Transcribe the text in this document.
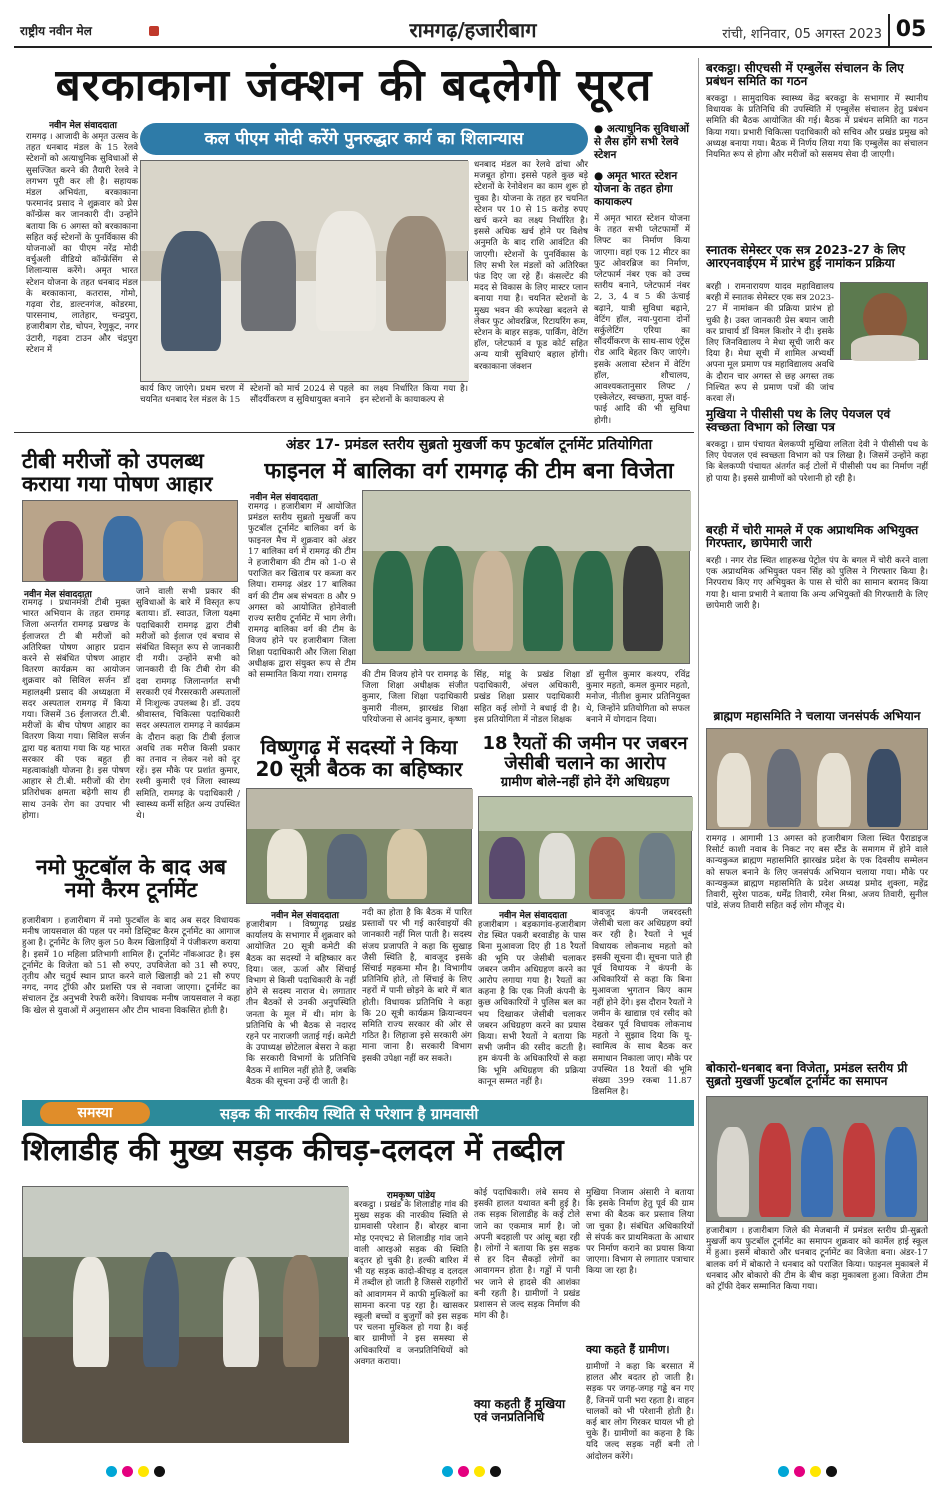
राष्ट्रीय नवीन मेल	रामगढ़/हजारीबाग	रांची, शनिवार, 05 अगस्त 2023 05
बरकाकाना जंक्शन की बदलेगी सूरत
नवीन मेल संवाददाता
रामगढ़ । आजादी के अमृत उत्सव के तहत धनबाद मंडल के 15 रेलवे स्टेशनों को अत्याधुनिक सुविधाओं से सुसज्जित करने की तैयारी रेलवे ने लगभग पूरी कर ली है। सहायक मंडल अभियंता, बरकाकाना फरमानंद प्रसाद ने शुक्रवार को प्रेस कॉन्फ्रेंस कर जानकारी दी। उन्होंने बताया कि 6 अगस्त को बरकाकाना सहित कई स्टेशनों के पुनर्विकास की योजनाओं का पीएम नरेंद्र मोदी वर्चुअली वीडियो कॉन्फ्रेंसिंग से शिलान्यास करेंगे। अमृत भारत स्टेशन योजना के तहत धनबाद मंडल के बरकाकाना, कतरास, गोमो, गढ़वा रोड, डाल्टनगंज, कोडरमा, पारसनाथ, लातेहार, चन्द्रपुरा, हजारीबाग रोड, चोपन, रेणुकूट, नगर उंटारी, गढ़वा टाउन और चंद्रपुरा स्टेशन में
कल पीएम मोदी करेंगे पुनरुद्धार कार्य का शिलान्यास
धनबाद मंडल का रेलवे ढांचा और मजबूत होगा। इससे पहले कुछ बड़े स्टेशनों के रेनोवेशन का काम शुरू हो चुका है। योजना के तहत हर चयनित स्टेशन पर 10 से 15 करोड़ रुपए खर्च करने का लक्ष्य निर्धारित है। इससे अधिक खर्च होने पर विशेष अनुमति के बाद राशि आवंटित की जाएगी। स्टेशनों के पुनर्विकास के लिए सभी रेल मंडलों को अतिरिक्त फंड दिए जा रहे हैं। कंसल्टेंट की मदद से विकास के लिए मास्टर प्लान बनाया गया है। चयनित स्टेशनों के मुख्य भवन की रूपरेखा बदलने से लेकर फुट ओवरब्रिज, रिटायरिंग रूम, स्टेशन के बाहर सड़क, पार्किंग, वेटिंग हॉल, प्लेटफार्म व फूड कोर्ट सहित अन्य यात्री सुविधाएं बहाल होंगी। बरकाकाना जंक्शन
● अत्याधुनिक सुविधाओं से लैस होंगे सभी रेलवे स्टेशन
● अमृत भारत स्टेशन योजना के तहत होगा कायाकल्प
में अमृत भारत स्टेशन योजना के तहत सभी प्लेटफार्मों में लिफ्ट का निर्माण किया जाएगा। वहां एक 12 मीटर का फुट ओवरब्रिज का निर्माण, प्लेटफार्म नंबर एक को उच्च स्तरीय बनाने, प्लेटफार्म नंबर 2, 3, 4 व 5 की ऊंचाई बढ़ाने, यात्री सुविधा बढ़ाने, वेटिंग हॉल, नया-पुराना दोनों सर्कुलेटिंग एरिया का सौंदर्यीकरण के साथ-साथ एंट्रेंस रोड आदि बेहतर किए जाएंगे। इसके अलावा स्टेशन में वेटिंग हॉल, शौचालय, आवश्यकतानुसार लिफ्ट / एस्केलेटर, स्वच्छता, मुफ्त वाई-फाई आदि की भी सुविधा होगी।
कार्य किए जाएंगे। प्रथम चरण में चयनित धनबाद रेल मंडल के 15
स्टेशनों को मार्च 2024 से पहले सौंदर्यीकरण व सुविधायुक्त बनाने
का लक्ष्य निर्धारित किया गया है। इन स्टेशनों के कायाकल्प से
टीबी मरीजों को उपलब्ध कराया गया पोषण आहार
नवीन मेल संवाददाता
रामगढ़ । प्रधानमंत्री टीबी मुक्त भारत अभियान के तहत रामगढ़ जिला अन्तर्गत रामगढ़ प्रखण्ड के ईलाजरत टी बी मरीजों को अतिरिक्त पोषण आहार प्रदान करने से संबंधित पोषण आहार वितरण कार्यक्रम का आयोजन शुक्रवार को सिविल सर्जन डॉ महालक्ष्मी प्रसाद की अध्यक्षता में सदर अस्पताल रामगढ़ में किया गया। जिसमें 36 ईलाजरत टी.बी. मरीजों के बीच पोषण आहार का वितरण किया गया। सिविल सर्जन द्वारा यह बताया गया कि यह भारत सरकार की एक बहुत ही महत्वाकांक्षी योजना है। इस पोषण आहार से टी.बी. मरीजों की रोग प्रतिरोधक क्षमता बढ़ेगी साथ ही साथ उनके रोग का उपचार भी होगा।
जाने वाली सभी प्रकार की सुविधाओं के बारे में विस्तृत रूप बताया। डॉ. स्वाउत, जिला यक्ष्मा पदाधिकारी रामगढ़ द्वारा टीबी मरीजों को ईलाज एवं बचाव से संबंधित विस्तृत रूप से जानकारी दी गयी। उन्होंने सभी को जानकारी दी कि टीबी रोग की दवा रामगढ़ जिलान्तर्गत सभी सरकारी एवं गैरसरकारी अस्पतालों में निःशुल्क उपलब्ध है। डॉ. उदय श्रीवास्तव, चिकित्सा पदाधिकारी सदर अस्पताल रामगढ़ ने कार्यक्रम के दौरान कहा कि टीबी ईलाज अवधि तक मरीज किसी प्रकार का तनाव न लेकर नशे को दूर रहें। इस मौके पर प्रशांत कुमार, रश्मी कुमारी एवं जिला स्वास्थ्य समिति, रामगढ़ के पदाधिकारी / स्वास्थ्य कर्मी सहित अन्य उपस्थित थे।
अंडर 17- प्रमंडल स्तरीय सुब्रतो मुखर्जी कप फुटबॉल टूर्नामेंट प्रतियोगिता
फाइनल में बालिका वर्ग रामगढ़ की टीम बना विजेता
नवीन मेल संवाददाता
रामगढ़ । हजारीबाग में आयोजित प्रमंडल स्तरीय सुब्रतो मुखर्जी कप फुटबॉल टूर्नामेंट बालिका वर्ग के फाइनल मैच में शुक्रवार को अंडर 17 बालिका वर्ग में रामगढ़ की टीम ने हजारीबाग की टीम को 1-0 से पराजित कर खिताब पर कब्जा कर लिया। रामगढ़ अंडर 17 बालिका वर्ग की टीम अब संभवतः 8 और 9 अगस्त को आयोजित होनेवाली राज्य स्तरीय टूर्नामेंट में भाग लेगी। रामगढ़ बालिका वर्ग की टीम के विजय होने पर हजारीबाग जिला शिक्षा पदाधिकारी और जिला शिक्षा अधीक्षक द्वारा संयुक्त रूप से टीम को सम्मानित किया गया। रामगढ़	की टीम विजय होने पर रामगढ़ के जिला शिक्षा अधीक्षक संजीत कुमार, जिला शिक्षा पदाधिकारी कुमारी नीलम, झारखंड शिक्षा परियोजना से आनंद कुमार, कृष्णा
सिंह, मांडू के प्रखंड शिक्षा पदाधिकारी, अंचल अधिकारी, प्रखंड शिक्षा प्रसार पदाधिकारी सहित कई लोगों ने बधाई दी है। इस प्रतियोगिता में नोडल शिक्षक
डॉ सुनील कुमार कश्यप, रविंद्र कुमार महतो, कमल कुमार महतो, मनोज, नीतीश कुमार प्रतिनियुक्त थे, जिन्होंने प्रतियोगिता को सफल बनाने में योगदान दिया।
विष्णुगढ़ में सदस्यों ने किया 20 सूत्री बैठक का बहिष्कार
नवीन मेल संवाददाता
हजारीबाग । विष्णुगढ़ प्रखंड कार्यालय के सभागार में शुक्रवार को आयोजित 20 सूत्री कमेटी की बैठक का सदस्यों ने बहिष्कार कर दिया। जल, ऊर्जा और सिंचाई विभाग से किसी पदाधिकारी के नहीं होने से सदस्य नाराज थे। लगातार तीन बैठकों से उनकी अनुपस्थिति जनता के मूल में थी। मांग के प्रतिनिधि के भी बैठक से नदारद रहने पर नाराजगी जताई गई। कमेटी के उपाध्यक्ष छोटेलाल बेसरा ने कहा कि सरकारी विभागों के प्रतिनिधि बैठक में शामिल नहीं होते हैं, जबकि बैठक की सूचना उन्हें दी जाती है।
नदी का होता है कि बैठक में पारित प्रस्तावों पर भी गई कार्रवाइयों की जानकारी नहीं मिल पाती है। सदस्य संजय प्रजापति ने कहा कि सुखाड़ जैसी स्थिति है, बावजूद इसके सिंचाई महकमा मौन है। विभागीय प्रतिनिधि होते, तो सिंचाई के लिए नहरों में पानी छोड़ने के बारे में बात होती। विधायक प्रतिनिधि ने कहा कि 20 सूत्री कार्यक्रम क्रियान्वयन समिति राज्य सरकार की ओर से गठित है। लिहाजा इसे सरकारी अंग माना जाना है। सरकारी विभाग इसकी उपेक्षा नहीं कर सकते।
18 रैयतों की जमीन पर जबरन जेसीबी चलाने का आरोप
ग्रामीण बोले-नहीं होने देंगे अधिग्रहण
नवीन मेल संवाददाता
हजारीबाग । बड़कागांव-हजारीबाग रोड स्थित पकरी बरवाडीह के पास बिना मुआवजा दिए ही 18 रैयतों की भूमि पर जेसीबी चलाकर जबरन जमीन अधिग्रहण करने का आरोप लगाया गया है। रैयतों का कहना है कि एक निजी कंपनी के कुछ अधिकारियों ने पुलिस बल का भय दिखाकर जेसीबी चलाकर जबरन अधिग्रहण करने का प्रयास किया। सभी रैयतों ने बताया कि सभी जमीन की रसीद कटती है। हम कंपनी के अधिकारियों से कहा कि भूमि अधिग्रहण की प्रक्रिया कानून सम्मत नहीं है।
बावजूद कंपनी जबरदस्ती जेसीबी चला कर अधिग्रहण क्यों कर रही है। रैयतों ने भूर्व विधायक लोकनाथ महतो को इसकी सूचना दी। सूचना पाते ही पूर्व विधायक ने कंपनी के अधिकारियों से कहा कि बिना मुआवजा भुगतान किए काम नहीं होने देंगे। इस दौरान रैयतों ने जमीन के खाद्यान्न एवं रसीद को देखकर पूर्व विधायक लोकनाथ महतो ने सुझाव दिया कि यू-स्वामित्व के साथ बैठक कर समाधान निकाला जाए। मौके पर उपस्थित 18 रैयतों की भूमि संख्या 399 रकबा 11.87 डिसमिल है।
नमो फुटबॉल के बाद अब नमो कैरम टूर्नामेंट
हजारीबाग । हजारीबाग में नमो फुटबॉल के बाद अब सदर विधायक मनीष जायसवाल की पहल पर नमो डिस्ट्रिक्ट कैरम टूर्नामेंट का आगाज हुआ है। टूर्नामेंट के लिए कुल 50 कैरम खिलाड़ियों ने पंजीकरण कराया है। इसमें 10 महिला प्रतिभागी शामिल हैं। टूर्नामेंट नॉकआउट है। इस टूर्नामेंट के विजेता को 51 सौ रुपए, उपविजेता को 31 सौ रुपए, तृतीय और चतुर्थ स्थान प्राप्त करने वाले खिलाड़ी को 21 सौ रुपए नगद, नगद ट्रॉफी और प्रशस्ति पत्र से नवाजा जाएगा। टूर्नामेंट का संचालन ट्रेंड अनुभवी रेफरी करेंगे। विधायक मनीष जायसवाल ने कहा कि खेल से युवाओं में अनुशासन और टीम भावना विकसित होती है।
समस्या	सड़क की नारकीय स्थिति से परेशान है ग्रामवासी
शिलाडीह की मुख्य सड़क कीचड़-दलदल में तब्दील
रामकृष्ण पांडेय
बरकट्ठा । प्रखंड के शिलाडीह गांव की मुख्य सड़क की नारकीय स्थिति से ग्रामवासी परेशान हैं। बोरहर बाना मोड़ एनएच2 से शिलाडीह गांव जाने वाली आरइओ सड़क की स्थिति बद्तर हो चुकी है। हल्की बारिश में भी यह सड़क कादो-कीचड़ व दलदल में तब्दील हो जाती है जिससे राहगीरों को आवागमन में काफी मुश्किलों का सामना करना पड़ रहा है। खासकर स्कूली बच्चों व बुजुर्गों को इस सड़क पर चलना मुश्किल हो गया है। कई बार ग्रामीणों ने इस समस्या से अधिकारियों व जनप्रतिनिधियों को अवगत कराया।
कोई पदाधिकारी। लंबे समय से इसकी हालत यथावत बनी हुई है। तक सड़क शिलाडीह के कई टोले जाने का एकमात्र मार्ग है। जो अपनी बदहाली पर आंसू बहा रही है। लोगों ने बताया कि इस सड़क से हर दिन सैकड़ों लोगों का आवागमन होता है। गड्ढों में पानी भर जाने से हादसे की आशंका बनी रहती है। ग्रामीणों ने प्रखंड प्रशासन से जल्द सड़क निर्माण की मांग की है।
क्या कहती हैं मुखिया एवं जनप्रतिनिधि
मुखिया निजाम अंसारी ने बताया कि इसके निर्माण हेतु पूर्व की ग्राम सभा की बैठक कर प्रस्ताव लिया जा चुका है। संबंधित अधिकारियों से संपर्क कर प्राथमिकता के आधार पर निर्माण कराने का प्रयास किया जाएगा। विभाग से लगातार पत्राचार किया जा रहा है।
क्या कहते हैं ग्रामीण।
ग्रामीणों ने कहा कि बरसात में हालत और बदतर हो जाती है। सड़क पर जगह-जगह गड्ढे बन गए हैं, जिनमें पानी भरा रहता है। वाहन चालकों को भी परेशानी होती है। कई बार लोग गिरकर घायल भी हो चुके हैं। ग्रामीणों का कहना है कि यदि जल्द सड़क नहीं बनी तो आंदोलन करेंगे।
बरकट्ठा। सीएचसी में एम्बुलेंस संचालन के लिए प्रबंधन समिति का गठन
बरकट्ठा । सामुदायिक स्वास्थ्य केंद्र बरकट्ठा के सभागार में स्थानीय विधायक के प्रतिनिधि की उपस्थिति में एम्बुलेंस संचालन हेतु प्रबंधन समिति की बैठक आयोजित की गई। बैठक में प्रबंधन समिति का गठन किया गया। प्रभारी चिकित्सा पदाधिकारी को सचिव और प्रखंड प्रमुख को अध्यक्ष बनाया गया। बैठक में निर्णय लिया गया कि एम्बुलेंस का संचालन नियमित रूप से होगा और मरीजों को ससमय सेवा दी जाएगी।
स्नातक सेमेस्टर एक सत्र 2023-27 के लिए आरएनवाईएम में प्रारंभ हुई नामांकन प्रक्रिया
बरही । रामनारायण यादव महाविद्यालय बरही में स्नातक सेमेस्टर एक सत्र 2023-27 में नामांकन की प्रक्रिया प्रारंभ हो चुकी है। उक्त जानकारी प्रेस बयान जारी कर प्राचार्य डॉ विमल किशोर ने दी। इसके लिए जिनविद्यालय ने मेधा सूची जारी कर दिया है। मेधा सूची में शामिल अभ्यर्थी अपना मूल प्रमाण पत्र महाविद्यालय अवधि के दौरान चार अगस्त से छह अगस्त तक निश्चित रूप से प्रमाण पत्रों की जांच करवा लें।
मुखिया ने पीसीसी पथ के लिए पेयजल एवं स्वच्छता विभाग को लिखा पत्र
बरकट्ठा । ग्राम पंचायत बेलकप्पी मुखिया ललिता देवी ने पीसीसी पथ के लिए पेयजल एवं स्वच्छता विभाग को पत्र लिखा है। जिसमें उन्होंने कहा कि बेलकप्पी पंचायत अंतर्गत कई टोलों में पीसीसी पथ का निर्माण नहीं हो पाया है। इससे ग्रामीणों को परेशानी हो रही है।
बरही में चोरी मामले में एक अप्राथमिक अभियुक्त गिरफ्तार, छापेमारी जारी
बरही । नगर रोड स्थित शाहरूख पेट्रोल पंप के बगल में चोरी करने वाला एक अप्राथमिक अभियुक्त पवन सिंह को पुलिस ने गिरफ्तार किया है। निरपराध किए गए अभियुक्त के पास से चोरी का सामान बरामद किया गया है। थाना प्रभारी ने बताया कि अन्य अभियुक्तों की गिरफ्तारी के लिए छापेमारी जारी है।
ब्राह्मण महासमिति ने चलाया जनसंपर्क अभियान
रामगढ़ । आगामी 13 अगस्त को हजारीबाग जिला स्थित पैराडाइज रिसोर्ट काशी नवाब के निकट नए बस स्टैंड के समागम में होने वाले कान्यकुब्ज ब्राह्मण महासमिति झारखंड प्रदेश के एक दिवसीय सम्मेलन को सफल बनाने के लिए जनसंपर्क अभियान चलाया गया। मौके पर कान्यकुब्ज ब्राह्मण महासमिति के प्रदेश अध्यक्ष प्रमोद शुक्ला, महेंद्र तिवारी, सुरेश पाठक, धर्मेंद्र तिवारी, रमेश मिश्रा, अजय तिवारी, सुनील पांडे, संजय तिवारी सहित कई लोग मौजूद थे।
बोकारो-धनबाद बना विजेता, प्रमंडल स्तरीय प्री सुब्रतो मुखर्जी फुटबॉल टूर्नामेंट का समापन
हजारीबाग । हजारीबाग जिले की मेजबानी में प्रमंडल स्तरीय प्री-सुब्रतो मुखर्जी कप फुटबॉल टूर्नामेंट का समापन शुक्रवार को कार्मेल हाई स्कूल में हुआ। इसमें बोकारो और धनबाद टूर्नामेंट का विजेता बना। अंडर-17 बालक वर्ग में बोकारो ने धनबाद को पराजित किया। फाइनल मुकाबले में धनबाद और बोकारो की टीम के बीच कड़ा मुकाबला हुआ। विजेता टीम को ट्रॉफी देकर सम्मानित किया गया।
